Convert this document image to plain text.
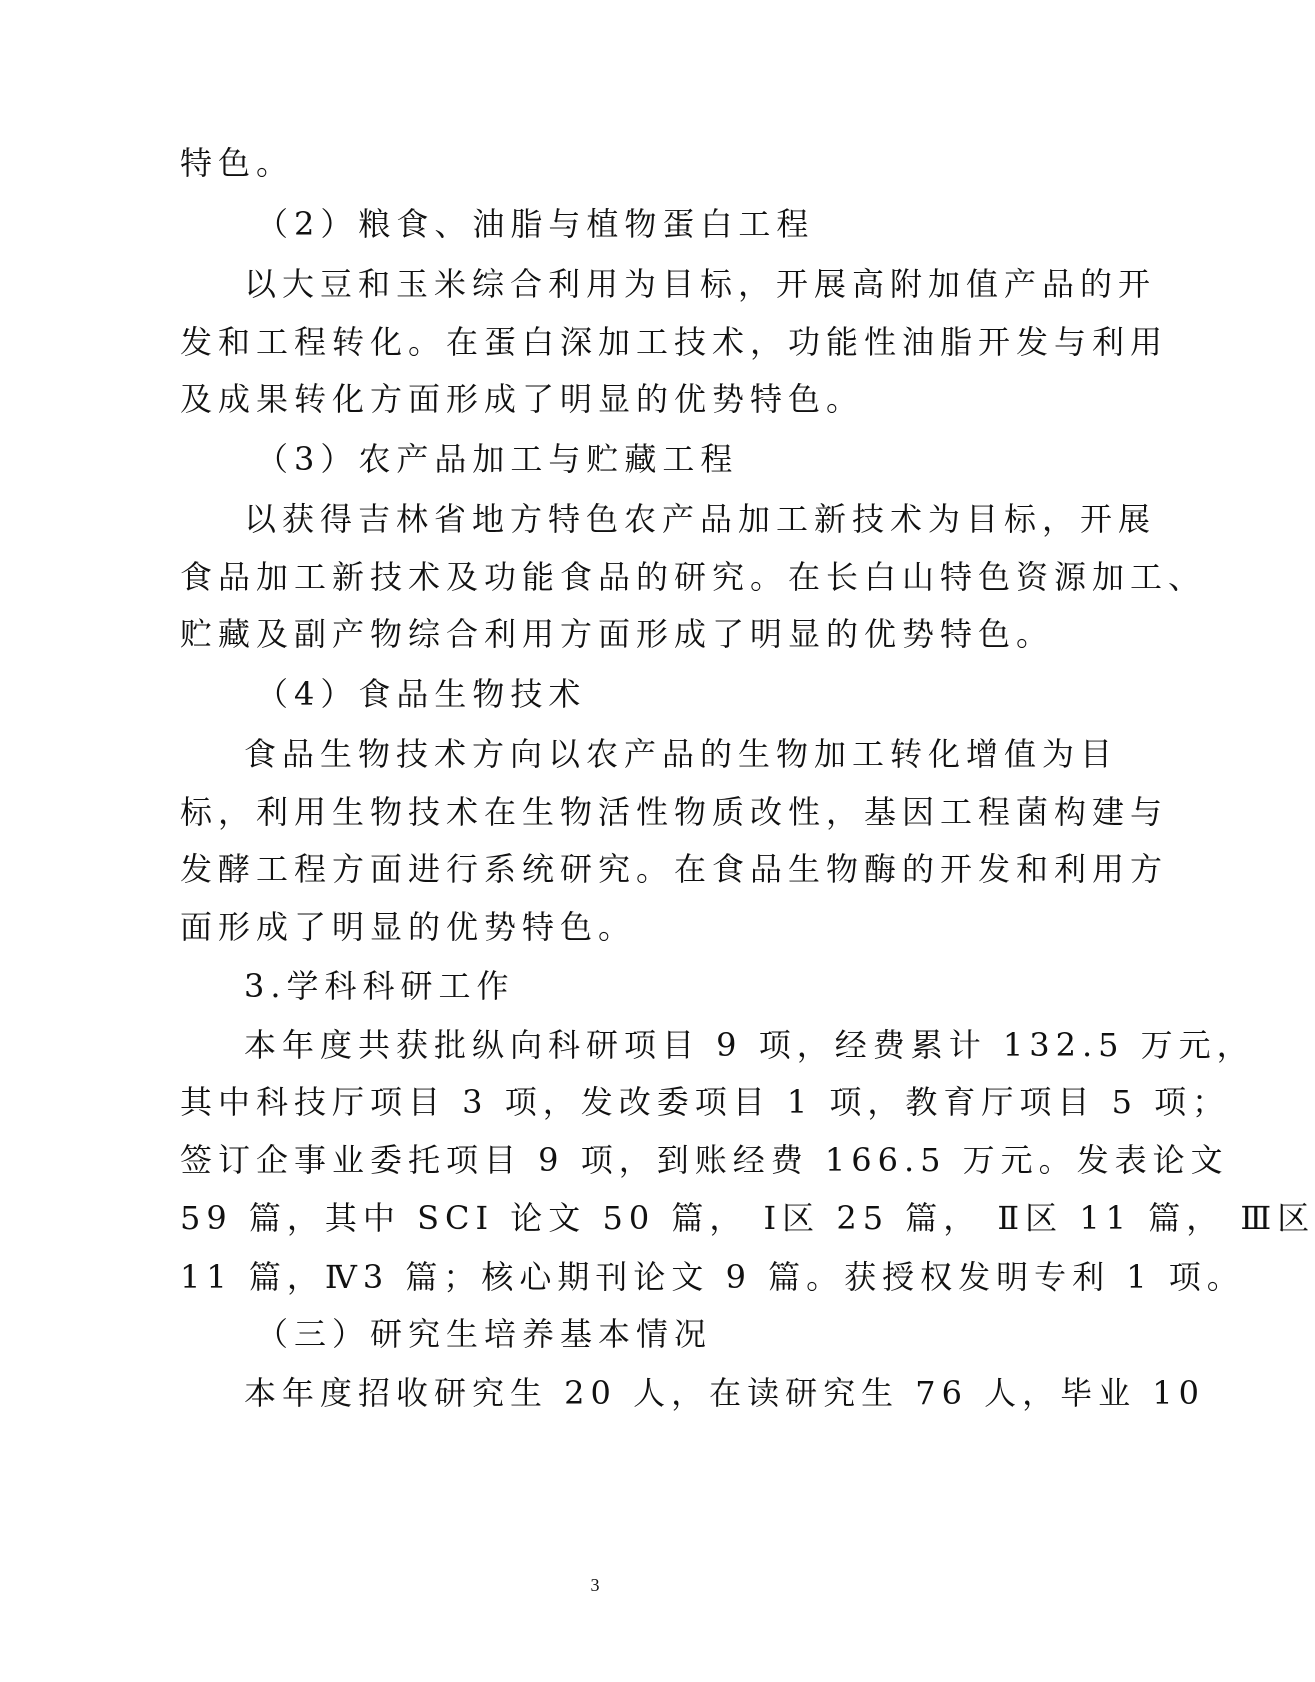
特色。
（2）粮食、油脂与植物蛋白工程
以大豆和玉米综合利用为目标，开展高附加值产品的开
发和工程转化。在蛋白深加工技术，功能性油脂开发与利用
及成果转化方面形成了明显的优势特色。
（3）农产品加工与贮藏工程
以获得吉林省地方特色农产品加工新技术为目标，开展
食品加工新技术及功能食品的研究。在长白山特色资源加工、
贮藏及副产物综合利用方面形成了明显的优势特色。
（4）食品生物技术
食品生物技术方向以农产品的生物加工转化增值为目
标，利用生物技术在生物活性物质改性，基因工程菌构建与
发酵工程方面进行系统研究。在食品生物酶的开发和利用方
面形成了明显的优势特色。
3.学科科研工作
本年度共获批纵向科研项目 9 项，经费累计 132.5 万元，
其中科技厅项目 3 项，发改委项目 1 项，教育厅项目 5 项；
签订企事业委托项目 9 项，到账经费 166.5 万元。发表论文
59 篇，其中 SCI 论文 50 篇， Ⅰ区 25 篇， Ⅱ区 11 篇， Ⅲ区
11 篇，Ⅳ3 篇；核心期刊论文 9 篇。获授权发明专利 1 项。
（三）研究生培养基本情况
本年度招收研究生 20 人，在读研究生 76 人，毕业 10
3
